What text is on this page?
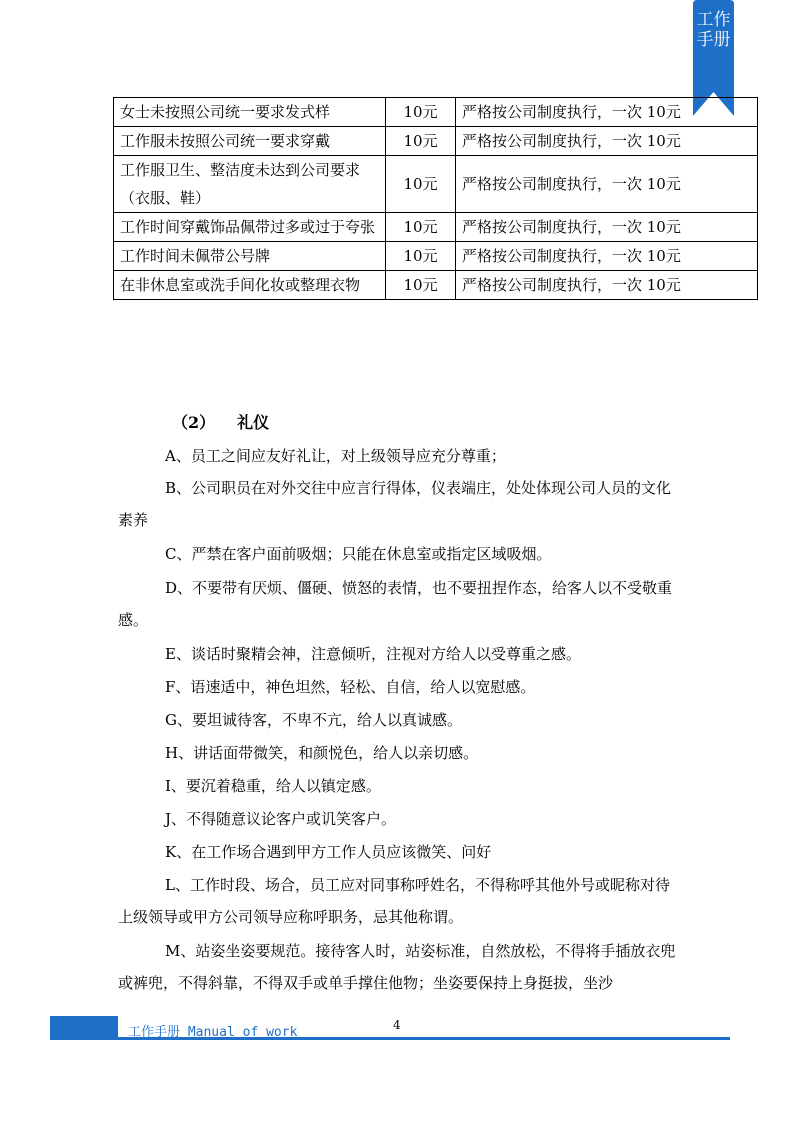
工作手册
女士未按照公司统一要求发式样	10元	严格按公司制度执行，一次 10元
工作服未按照公司统一要求穿戴	10元	严格按公司制度执行，一次 10元
工作服卫生、整洁度未达到公司要求（衣服、鞋）	10元	严格按公司制度执行，一次 10元
工作时间穿戴饰品佩带过多或过于夸张	10元	严格按公司制度执行，一次 10元
工作时间未佩带公号牌	10元	严格按公司制度执行，一次 10元
在非休息室或洗手间化妆或整理衣物	10元	严格按公司制度执行，一次 10元
（2） 礼仪

A、员工之间应友好礼让，对上级领导应充分尊重；

B、公司职员在对外交往中应言行得体，仪表端庄，处处体现公司人员的文化素养

C、严禁在客户面前吸烟；只能在休息室或指定区域吸烟。

D、不要带有厌烦、僵硬、愤怒的表情，也不要扭捏作态，给客人以不受敬重感。

E、谈话时聚精会神，注意倾听，注视对方给人以受尊重之感。

F、语速适中，神色坦然，轻松、自信，给人以宽慰感。

G、要坦诚待客，不卑不亢，给人以真诚感。

H、讲话面带微笑，和颜悦色，给人以亲切感。

I、要沉着稳重，给人以镇定感。

J、不得随意议论客户或讥笑客户。

K、在工作场合遇到甲方工作人员应该微笑、问好

L、工作时段、场合，员工应对同事称呼姓名，不得称呼其他外号或昵称对待上级领导或甲方公司领导应称呼职务，忌其他称谓。

M、站姿坐姿要规范。接待客人时，站姿标准，自然放松，不得将手插放衣兜或裤兜，不得斜靠，不得双手或单手撑住他物；坐姿要保持上身挺拔，坐沙

工作手册 Manual of work	4
